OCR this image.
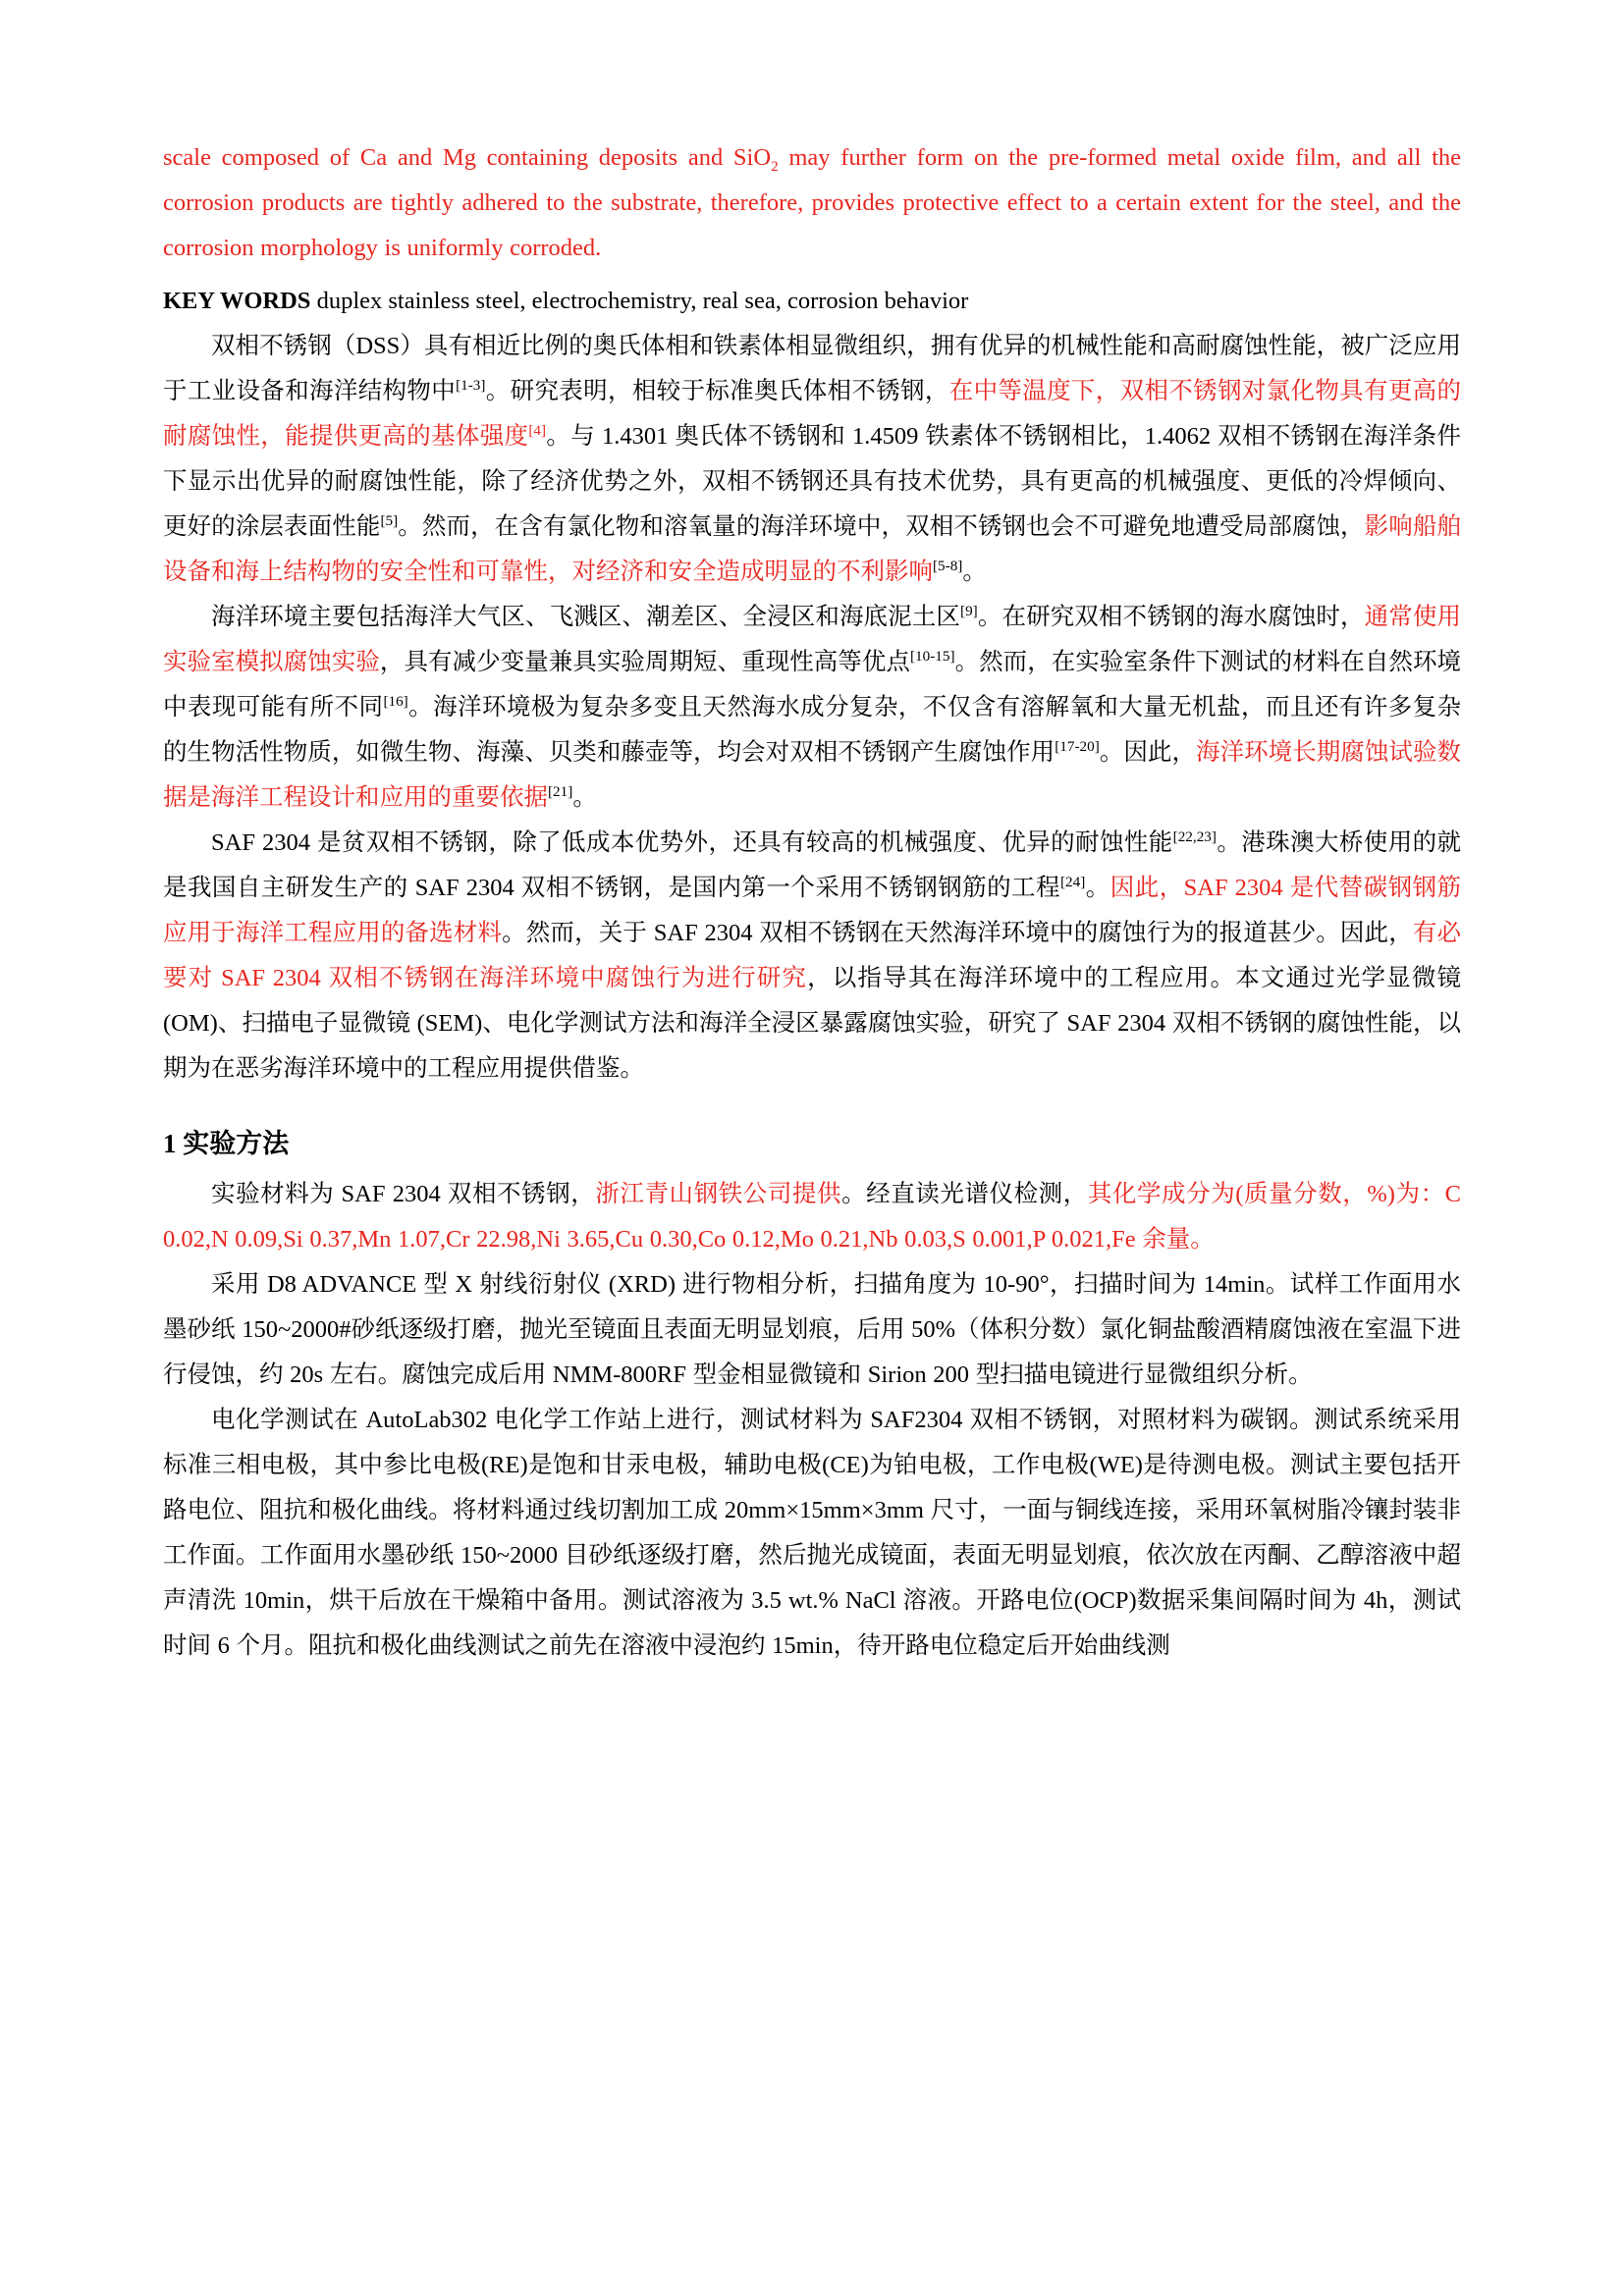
scale composed of Ca and Mg containing deposits and SiO$_2$ may further form on the pre-formed metal oxide film, and all the corrosion products are tightly adhered to the substrate, therefore, provides protective effect to a certain extent for the steel, and the corrosion morphology is uniformly corroded.

KEY WORDS duplex stainless steel, electrochemistry, real sea, corrosion behavior

双相不锈钢（DSS）具有相近比例的奥氏体相和铁素体相显微组织，拥有优异的机械性能和高耐腐蚀性能，被广泛应用于工业设备和海洋结构物中[1-3]。研究表明，相较于标准奥氏体相不锈钢，在中等温度下，双相不锈钢对氯化物具有更高的耐腐蚀性，能提供更高的基体强度[4]。与 1.4301 奥氏体不锈钢和 1.4509 铁素体不锈钢相比，1.4062 双相不锈钢在海洋条件下显示出优异的耐腐蚀性能，除了经济优势之外，双相不锈钢还具有技术优势，具有更高的机械强度、更低的冷焊倾向、更好的涂层表面性能[5]。然而，在含有氯化物和溶氧量的海洋环境中，双相不锈钢也会不可避免地遭受局部腐蚀，影响船舶设备和海上结构物的安全性和可靠性，对经济和安全造成明显的不利影响[5-8]。

海洋环境主要包括海洋大气区、飞溅区、潮差区、全浸区和海底泥土区[9]。在研究双相不锈钢的海水腐蚀时，通常使用实验室模拟腐蚀实验，具有减少变量兼具实验周期短、重现性高等优点[10-15]。然而，在实验室条件下测试的材料在自然环境中表现可能有所不同[16]。海洋环境极为复杂多变且天然海水成分复杂，不仅含有溶解氧和大量无机盐，而且还有许多复杂的生物活性物质，如微生物、海藻、贝类和藤壶等，均会对双相不锈钢产生腐蚀作用[17-20]。因此，海洋环境长期腐蚀试验数据是海洋工程设计和应用的重要依据[21]。

SAF 2304 是贫双相不锈钢，除了低成本优势外，还具有较高的机械强度、优异的耐蚀性能[22,23]。港珠澳大桥使用的就是我国自主研发生产的 SAF 2304 双相不锈钢，是国内第一个采用不锈钢钢筋的工程[24]。因此，SAF 2304 是代替碳钢钢筋应用于海洋工程应用的备选材料。然而，关于 SAF 2304 双相不锈钢在天然海洋环境中的腐蚀行为的报道甚少。因此，有必要对 SAF 2304 双相不锈钢在海洋环境中腐蚀行为进行研究，以指导其在海洋环境中的工程应用。本文通过光学显微镜 (OM)、扫描电子显微镜 (SEM)、电化学测试方法和海洋全浸区暴露腐蚀实验，研究了 SAF 2304 双相不锈钢的腐蚀性能，以期为在恶劣海洋环境中的工程应用提供借鉴。

1 实验方法

实验材料为 SAF 2304 双相不锈钢，浙江青山钢铁公司提供。经直读光谱仪检测，其化学成分为(质量分数，%)为：C 0.02,N 0.09,Si 0.37,Mn 1.07,Cr 22.98,Ni 3.65,Cu 0.30,Co 0.12,Mo 0.21,Nb 0.03,S 0.001,P 0.021,Fe 余量。

采用 D8 ADVANCE 型 X 射线衍射仪 (XRD) 进行物相分析，扫描角度为 10-90°，扫描时间为 14min。试样工作面用水墨砂纸 150~2000#砂纸逐级打磨，抛光至镜面且表面无明显划痕，后用 50%（体积分数）氯化铜盐酸酒精腐蚀液在室温下进行侵蚀，约 20s 左右。腐蚀完成后用 NMM-800RF 型金相显微镜和 Sirion 200 型扫描电镜进行显微组织分析。

电化学测试在 AutoLab302 电化学工作站上进行，测试材料为 SAF2304 双相不锈钢，对照材料为碳钢。测试系统采用标准三相电极，其中参比电极(RE)是饱和甘汞电极，辅助电极(CE)为铂电极，工作电极(WE)是待测电极。测试主要包括开路电位、阻抗和极化曲线。将材料通过线切割加工成 20mm×15mm×3mm 尺寸，一面与铜线连接，采用环氧树脂冷镶封装非工作面。工作面用水墨砂纸 150~2000 目砂纸逐级打磨，然后抛光成镜面，表面无明显划痕，依次放在丙酮、乙醇溶液中超声清洗 10min，烘干后放在干燥箱中备用。测试溶液为 3.5 wt.% NaCl 溶液。开路电位(OCP)数据采集间隔时间为 4h，测试时间 6 个月。阻抗和极化曲线测试之前先在溶液中浸泡约 15min，待开路电位稳定后开始曲线测
